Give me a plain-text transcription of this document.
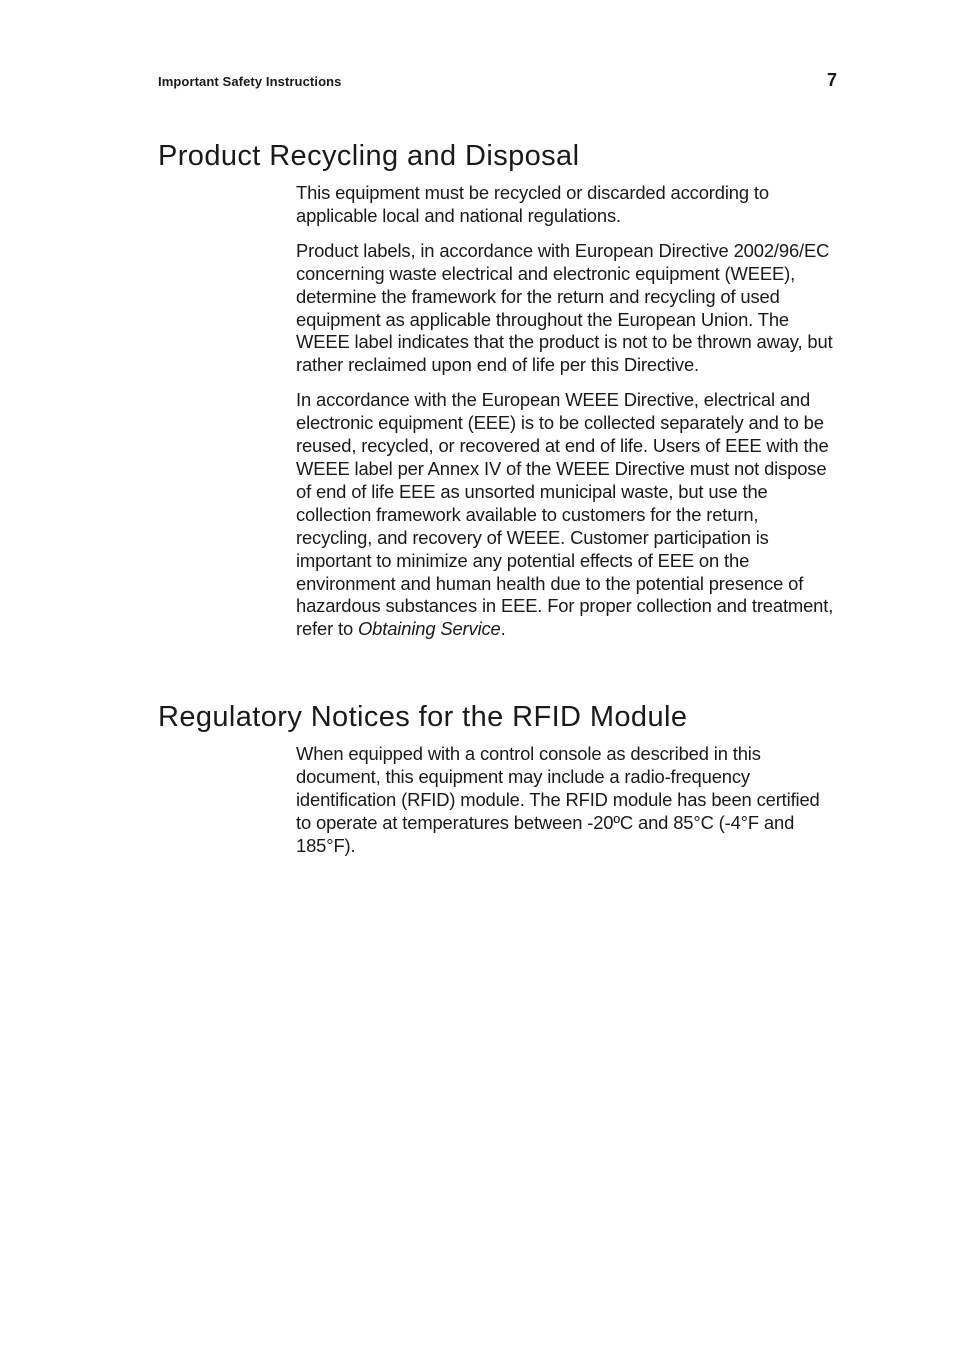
Important Safety Instructions	7
Product Recycling and Disposal

This equipment must be recycled or discarded according to applicable local and national regulations.

Product labels, in accordance with European Directive 2002/96/EC concerning waste electrical and electronic equipment (WEEE), determine the framework for the return and recycling of used equipment as applicable throughout the European Union. The WEEE label indicates that the product is not to be thrown away, but rather reclaimed upon end of life per this Directive.

In accordance with the European WEEE Directive, electrical and electronic equipment (EEE) is to be collected separately and to be reused, recycled, or recovered at end of life. Users of EEE with the WEEE label per Annex IV of the WEEE Directive must not dispose of end of life EEE as unsorted municipal waste, but use the collection framework available to customers for the return, recycling, and recovery of WEEE. Customer participation is important to minimize any potential effects of EEE on the environment and human health due to the potential presence of hazardous substances in EEE. For proper collection and treatment, refer to Obtaining Service.

Regulatory Notices for the RFID Module

When equipped with a control console as described in this document, this equipment may include a radio-frequency identification (RFID) module. The RFID module has been certified to operate at temperatures between -20ºC and 85°C (-4°F and 185°F).
